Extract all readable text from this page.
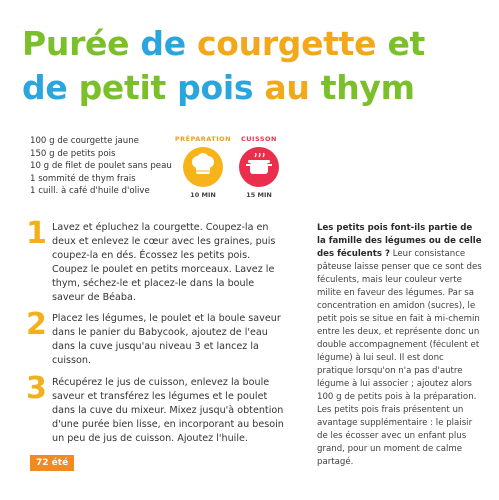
Purée de courgette et
de petit pois au thym
100 g de courgette jaune
150 g de petits pois
10 g de filet de poulet sans peau
1 sommité de thym frais
1 cuill. à café d'huile d'olive
PRÉPARATION
10 MIN
CUISSON
15 MIN
1 Lavez et épluchez la courgette. Coupez-la en deux et enlevez le cœur avec les graines, puis coupez-la en dés. Écossez les petits pois. Coupez le poulet en petits morceaux. Lavez le thym, séchez-le et placez-le dans la boule saveur de Béaba.
2 Placez les légumes, le poulet et la boule saveur dans le panier du Babycook, ajoutez de l'eau dans la cuve jusqu'au niveau 3 et lancez la cuisson.
3 Récupérez le jus de cuisson, enlevez la boule saveur et transférez les légumes et le poulet dans la cuve du mixeur. Mixez jusqu'à obtention d'une purée bien lisse, en incorporant au besoin un peu de jus de cuisson. Ajoutez l'huile.
Les petits pois font-ils partie de la famille des légumes ou de celle des féculents ? Leur consistance pâteuse laisse penser que ce sont des féculents, mais leur couleur verte milite en faveur des légumes. Par sa concentration en amidon (sucres), le petit pois se situe en fait à mi-chemin entre les deux, et représente donc un double accompagnement (féculent et légume) à lui seul. Il est donc pratique lorsqu'on n'a pas d'autre légume à lui associer ; ajoutez alors 100 g de petits pois à la préparation. Les petits pois frais présentent un avantage supplémentaire : le plaisir de les écosser avec un enfant plus grand, pour un moment de calme partagé.
72 été
